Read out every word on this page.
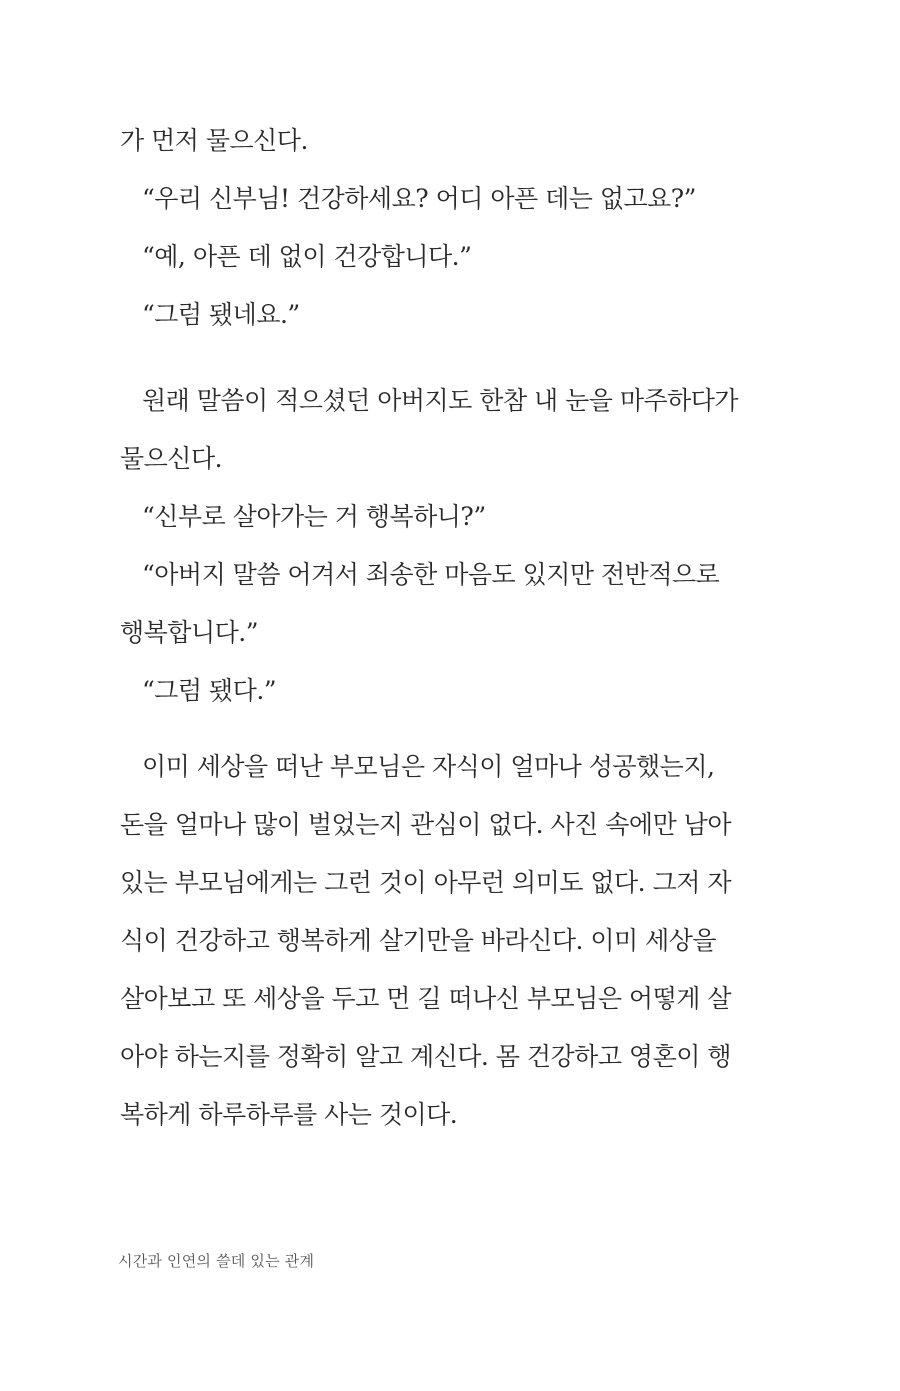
가 먼저 물으신다.
“우리 신부님! 건강하세요? 어디 아픈 데는 없고요?”
“예, 아픈 데 없이 건강합니다.”
“그럼 됐네요.”
원래 말씀이 적으셨던 아버지도 한참 내 눈을 마주하다가
물으신다.
“신부로 살아가는 거 행복하니?”
“아버지 말씀 어겨서 죄송한 마음도 있지만 전반적으로
행복합니다.”
“그럼 됐다.”
이미 세상을 떠난 부모님은 자식이 얼마나 성공했는지,
돈을 얼마나 많이 벌었는지 관심이 없다. 사진 속에만 남아
있는 부모님에게는 그런 것이 아무런 의미도 없다. 그저 자
식이 건강하고 행복하게 살기만을 바라신다. 이미 세상을
살아보고 또 세상을 두고 먼 길 떠나신 부모님은 어떻게 살
아야 하는지를 정확히 알고 계신다. 몸 건강하고 영혼이 행
복하게 하루하루를 사는 것이다.
시간과 인연의 쓸데 있는 관계
